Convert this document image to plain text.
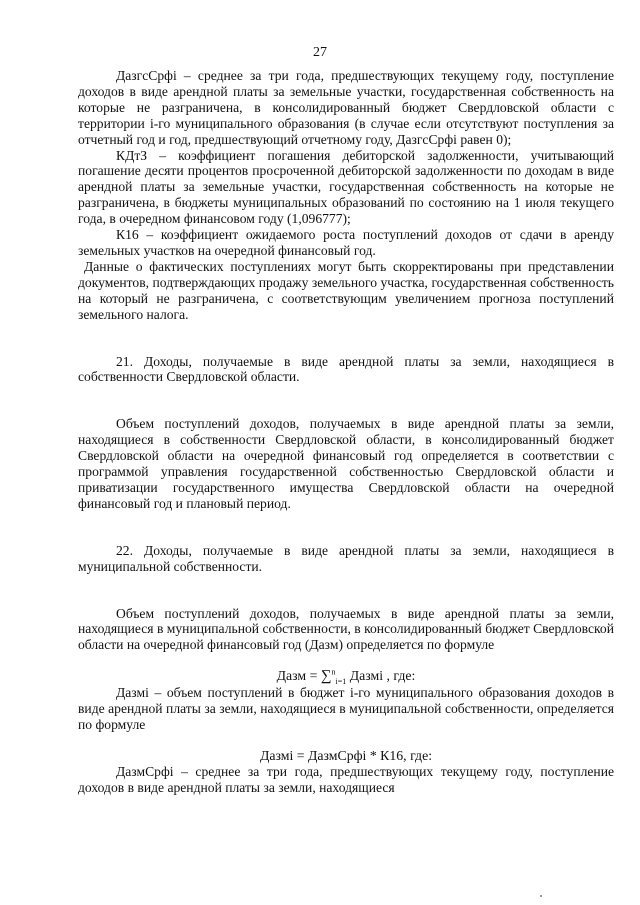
27

ДазгсСрфi – среднее за три года, предшествующих текущему году, поступление доходов в виде арендной платы за земельные участки, государственная собственность на которые не разграничена, в консолидированный бюджет Свердловской области с территории i-го муниципального образования (в случае если отсутствуют поступления за отчетный год и год, предшествующий отчетному году, ДазгсСрфi равен 0);

КДтЗ – коэффициент погашения дебиторской задолженности, учитывающий погашение десяти процентов просроченной дебиторской задолженности по доходам в виде арендной платы за земельные участки, государственная собственность на которые не разграничена, в бюджеты муниципальных образований по состоянию на 1 июля текущего года, в очередном финансовом году (1,096777);

К16 – коэффициент ожидаемого роста поступлений доходов от сдачи в аренду земельных участков на очередной финансовый год.

Данные о фактических поступлениях могут быть скорректированы при представлении документов, подтверждающих продажу земельного участка, государственная собственность на который не разграничена, с соответствующим увеличением прогноза поступлений земельного налога.

21. Доходы, получаемые в виде арендной платы за земли, находящиеся в собственности Свердловской области.

Объем поступлений доходов, получаемых в виде арендной платы за земли, находящиеся в собственности Свердловской области, в консолидированный бюджет Свердловской области на очередной финансовый год определяется в соответствии с программой управления государственной собственностью Свердловской области и приватизации государственного имущества Свердловской области на очередной финансовый год и плановый период.

22. Доходы, получаемые в виде арендной платы за земли, находящиеся в муниципальной собственности.

Объем поступлений доходов, получаемых в виде арендной платы за земли, находящиеся в муниципальной собственности, в консолидированный бюджет Свердловской области на очередной финансовый год (Дазм) определяется по формуле

Дазм = ∑$^n_{i=1}$ Дазмi , где:

Дазмi – объем поступлений в бюджет i-го муниципального образования доходов в виде арендной платы за земли, находящиеся в муниципальной собственности, определяется по формуле

Дазмi = ДазмСрфi * К16, где:

ДазмСрфi – среднее за три года, предшествующих текущему году, поступление доходов в виде арендной платы за земли, находящиеся
